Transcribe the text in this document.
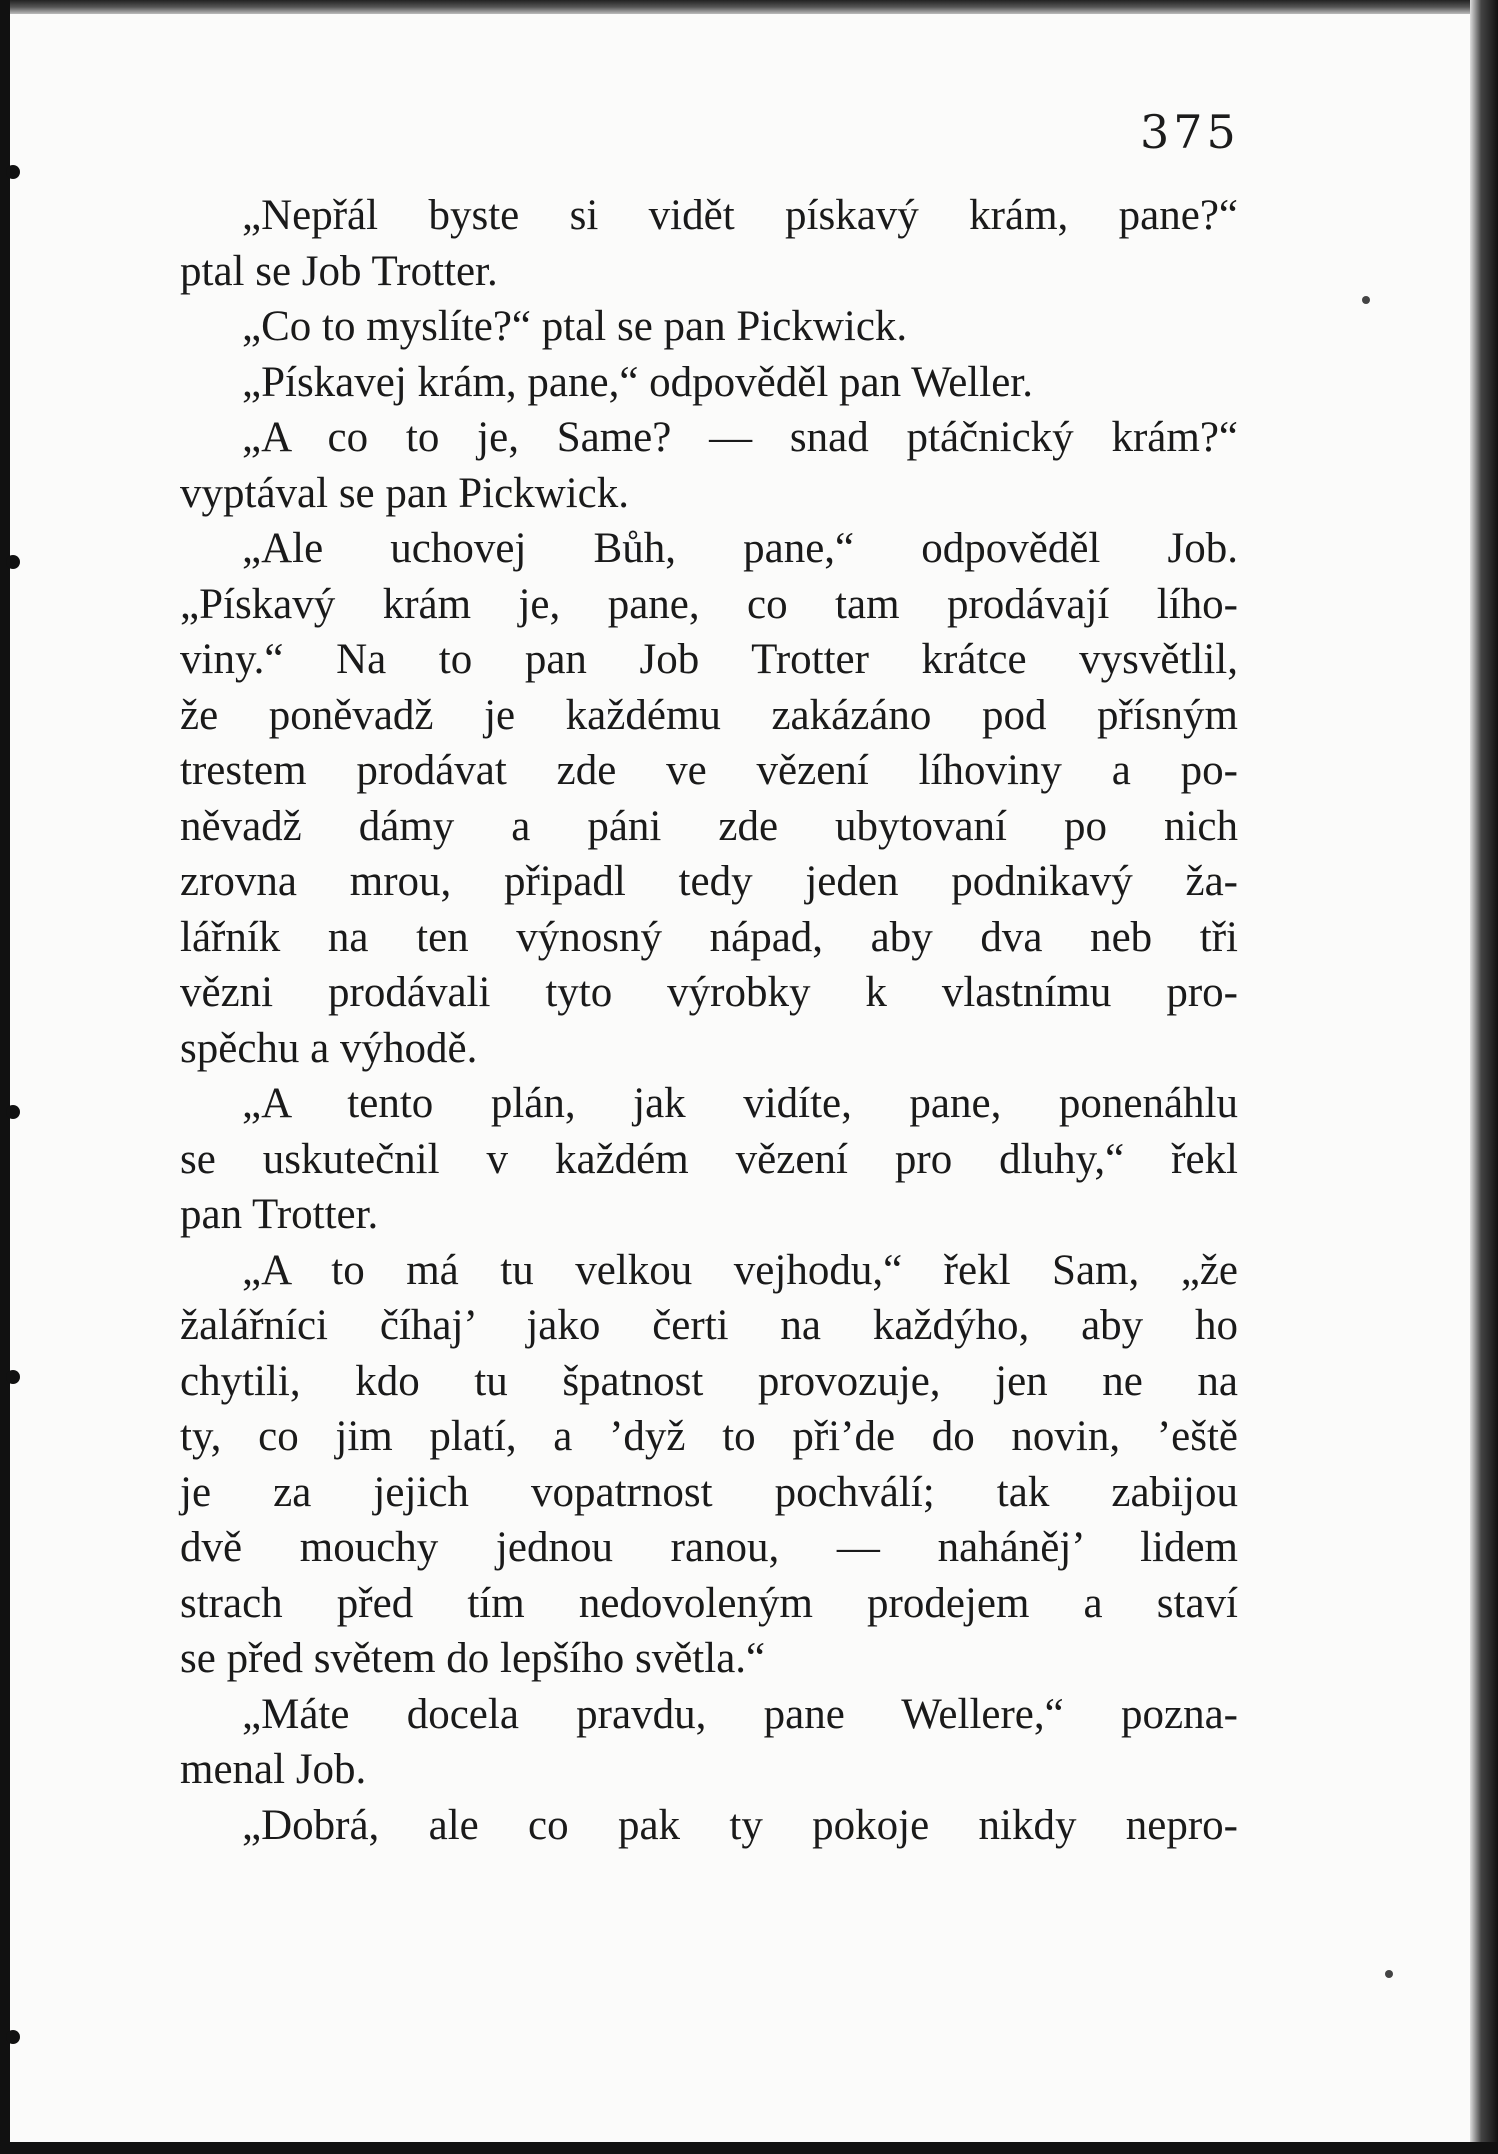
375
„Nepřál byste si vidět pískavý krám, pane?“
ptal se Job Trotter.
„Co to myslíte?“ ptal se pan Pickwick.
„Pískavej krám, pane,“ odpověděl pan Weller.
„A co to je, Same? — snad ptáčnický krám?“
vyptával se pan Pickwick.
„Ale uchovej Bůh, pane,“ odpověděl Job.
„Pískavý krám je, pane, co tam prodávají lího-
viny.“ Na to pan Job Trotter krátce vysvětlil,
že poněvadž je každému zakázáno pod přísným
trestem prodávat zde ve vězení líhoviny a po-
něvadž dámy a páni zde ubytovaní po nich
zrovna mrou, připadl tedy jeden podnikavý ža-
lářník na ten výnosný nápad, aby dva neb tři
vězni prodávali tyto výrobky k vlastnímu pro-
spěchu a výhodě.
„A tento plán, jak vidíte, pane, ponenáhlu
se uskutečnil v každém vězení pro dluhy,“ řekl
pan Trotter.
„A to má tu velkou vejhodu,“ řekl Sam, „že
žalářníci číhaj’ jako čerti na každýho, aby ho
chytili, kdo tu špatnost provozuje, jen ne na
ty, co jim platí, a ’dyž to při’de do novin, ’eště
je za jejich vopatrnost pochválí; tak zabijou
dvě mouchy jednou ranou, — naháněj’ lidem
strach před tím nedovoleným prodejem a staví
se před světem do lepšího světla.“
„Máte docela pravdu, pane Wellere,“ pozna-
menal Job.
„Dobrá, ale co pak ty pokoje nikdy nepro-
